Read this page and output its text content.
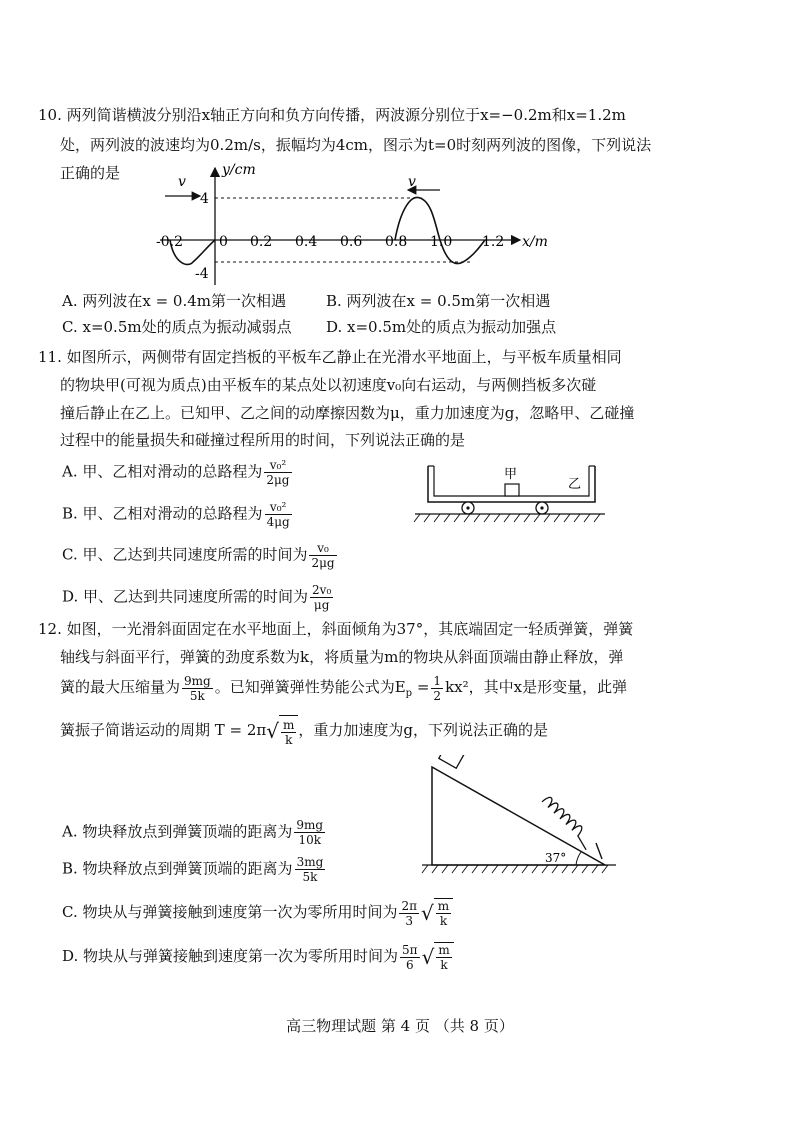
10. 两列简谐横波分别沿x轴正方向和负方向传播，两波源分别位于x=−0.2m和x=1.2m
处，两列波的波速均为0.2m/s，振幅均为4cm，图示为t=0时刻两列波的图像，下列说法
正确的是
-0.2	0 0.2 0.4 0.6 0.8 1.0 1.2 x/m
y/cm
4
-4
v	v
A. 两列波在x = 0.4m第一次相遇	B. 两列波在x = 0.5m第一次相遇
C. x=0.5m处的质点为振动减弱点 D. x=0.5m处的质点为振动加强点
11. 如图所示，两侧带有固定挡板的平板车乙静止在光滑水平地面上，与平板车质量相同
的物块甲(可视为质点)由平板车的某点处以初速度v₀向右运动，与两侧挡板多次碰
撞后静止在乙上。已知甲、乙之间的动摩擦因数为μ，重力加速度为g，忽略甲、乙碰撞
过程中的能量损失和碰撞过程所用的时间，下列说法正确的是
A. 甲、乙相对滑动的总路程为 $\frac{\text{v₀²}}{2\mu g}$
B. 甲、乙相对滑动的总路程为 $\frac{\text{v₀²}}{4\mu g}$
C. 甲、乙达到共同速度所需的时间为 $\frac{\text{v₀}}{2\mu g}$
D. 甲、乙达到共同速度所需的时间为 $\frac{\text{2v₀}}{\mu g}$
甲
乙
12. 如图，一光滑斜面固定在水平地面上，斜面倾角为37°，其底端固定一轻质弹簧，弹簧
轴线与斜面平行，弹簧的劲度系数为k，将质量为m的物块从斜面顶端由静止释放，弹
簧的最大压缩量为 $\frac{9mg}{5k}$ 。已知弹簧弹性势能公式为$E_p = \frac{1}{2} kx^2$，其中x是形变量，此弹
簧振子简谐运动的周期 $T = 2\pi√ \frac{m}{k}$ ，重力加速度为g，下列说法正确的是
37°
A. 物块释放点到弹簧顶端的距离为 $\frac{9mg}{10k}$
B. 物块释放点到弹簧顶端的距离为 $\frac{3mg}{5k}$
C. 物块从与弹簧接触到速度第一次为零所用时间为 $\frac{2\pi}{3}$ √ $\frac{m}{k}$
D. 物块从与弹簧接触到速度第一次为零所用时间为 $\frac{5\pi}{6}$ √ $\frac{m}{k}$
高三物理试题 第 4 页 （共 8 页）
